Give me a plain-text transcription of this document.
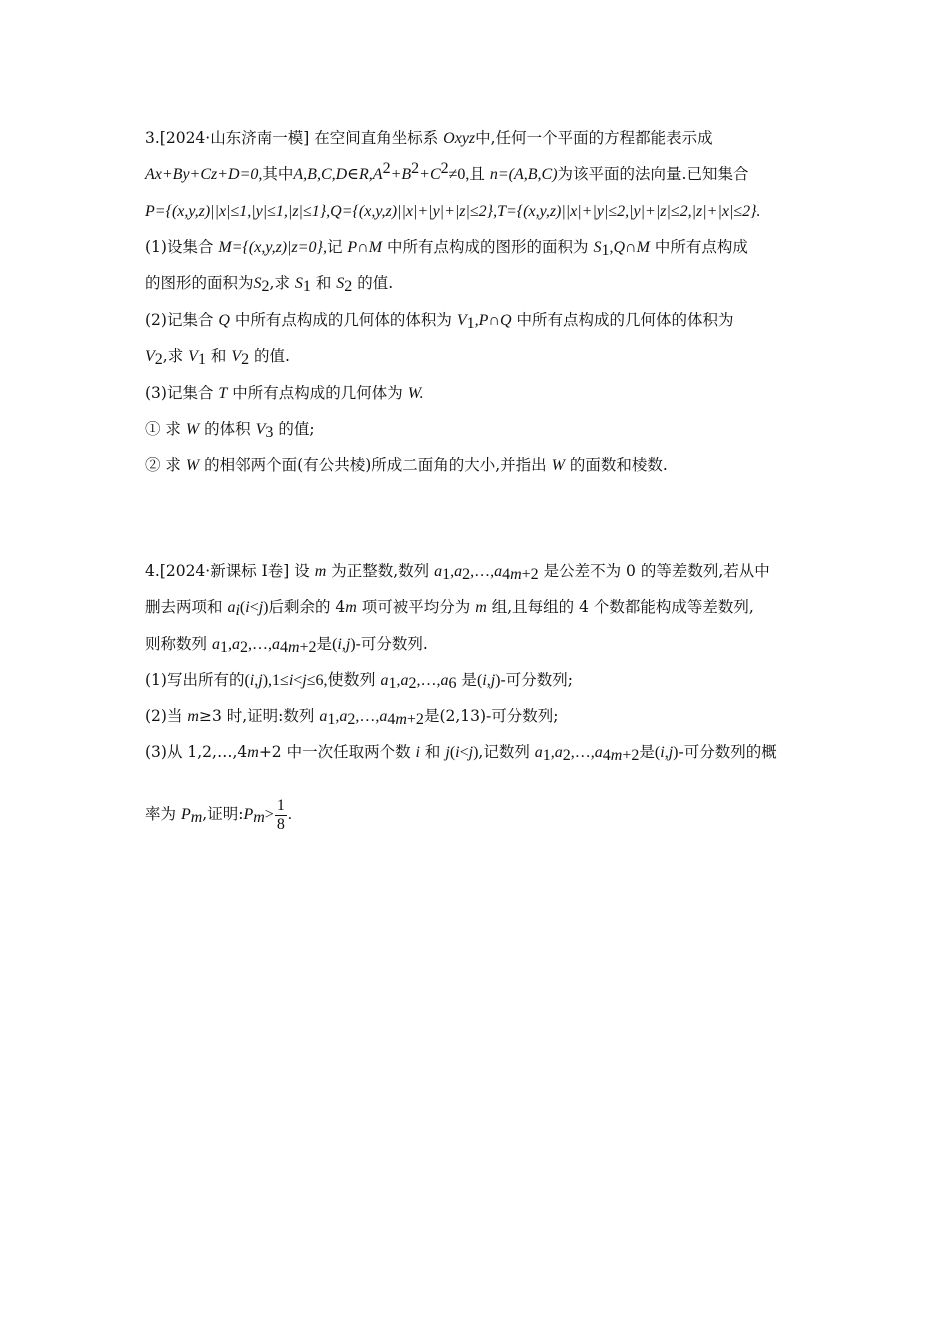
3.[2024·山东济南一模] 在空间直角坐标系 Oxyz中,任何一个平面的方程都能表示成
Ax+By+Cz+D=0,其中$A,B,C,D\in R,A^2+B^2+C^2\ne 0$,且 n=(A,B,C)为该平面的法向量.已知集合
P={(x,y,z)||x|≤1,|y|≤1,|z|≤1},Q={(x,y,z)||x|+|y|+|z|≤2},T={(x,y,z)||x|+|y|≤2,|y|+|z|≤2,|z|+|x|≤2}.
(1)设集合 M={(x,y,z)|z=0},记 P∩M 中所有点构成的图形的面积为 $S_1,Q\cap M$ 中所有点构成
的图形的面积为$S_2$,求 $S_1$ 和 $S_2$ 的值.
(2)记集合 Q 中所有点构成的几何体的体积为 $V_1,P\cap Q$ 中所有点构成的几何体的体积为
$V_2$,求 $V_1$ 和 $V_2$ 的值.
(3)记集合 T 中所有点构成的几何体为 W.
① 求 W 的体积 $V_3$ 的值;
② 求 W 的相邻两个面(有公共棱)所成二面角的大小,并指出 W 的面数和棱数.
4.[2024·新课标 Ⅰ卷] 设 m 为正整数,数列 $a_1,a_2,\dots,a_{4m+2}$ 是公差不为 0 的等差数列,若从中
删去两项和 $a_i(i<j)$后剩余的 4m 项可被平均分为 m 组,且每组的 4 个数都能构成等差数列,
则称数列 $a_1,a_2,\dots,a_{4m+2}$是(i,j)-可分数列.
(1)写出所有的(i,j),1≤i<j≤6,使数列 $a_1,a_2,\dots,a_6$ 是(i,j)-可分数列;
(2)当 m≥3 时,证明:数列 $a_1,a_2,\dots,a_{4m+2}$是(2,13)-可分数列;
(3)从 1,2,…,4m+2 中一次任取两个数 i 和 j(i<j),记数列 $a_1,a_2,\dots,a_{4m+2}$是(i,j)-可分数列的概
率为 $P_m$,证明$:P_m> \frac{1}{8}$ .
